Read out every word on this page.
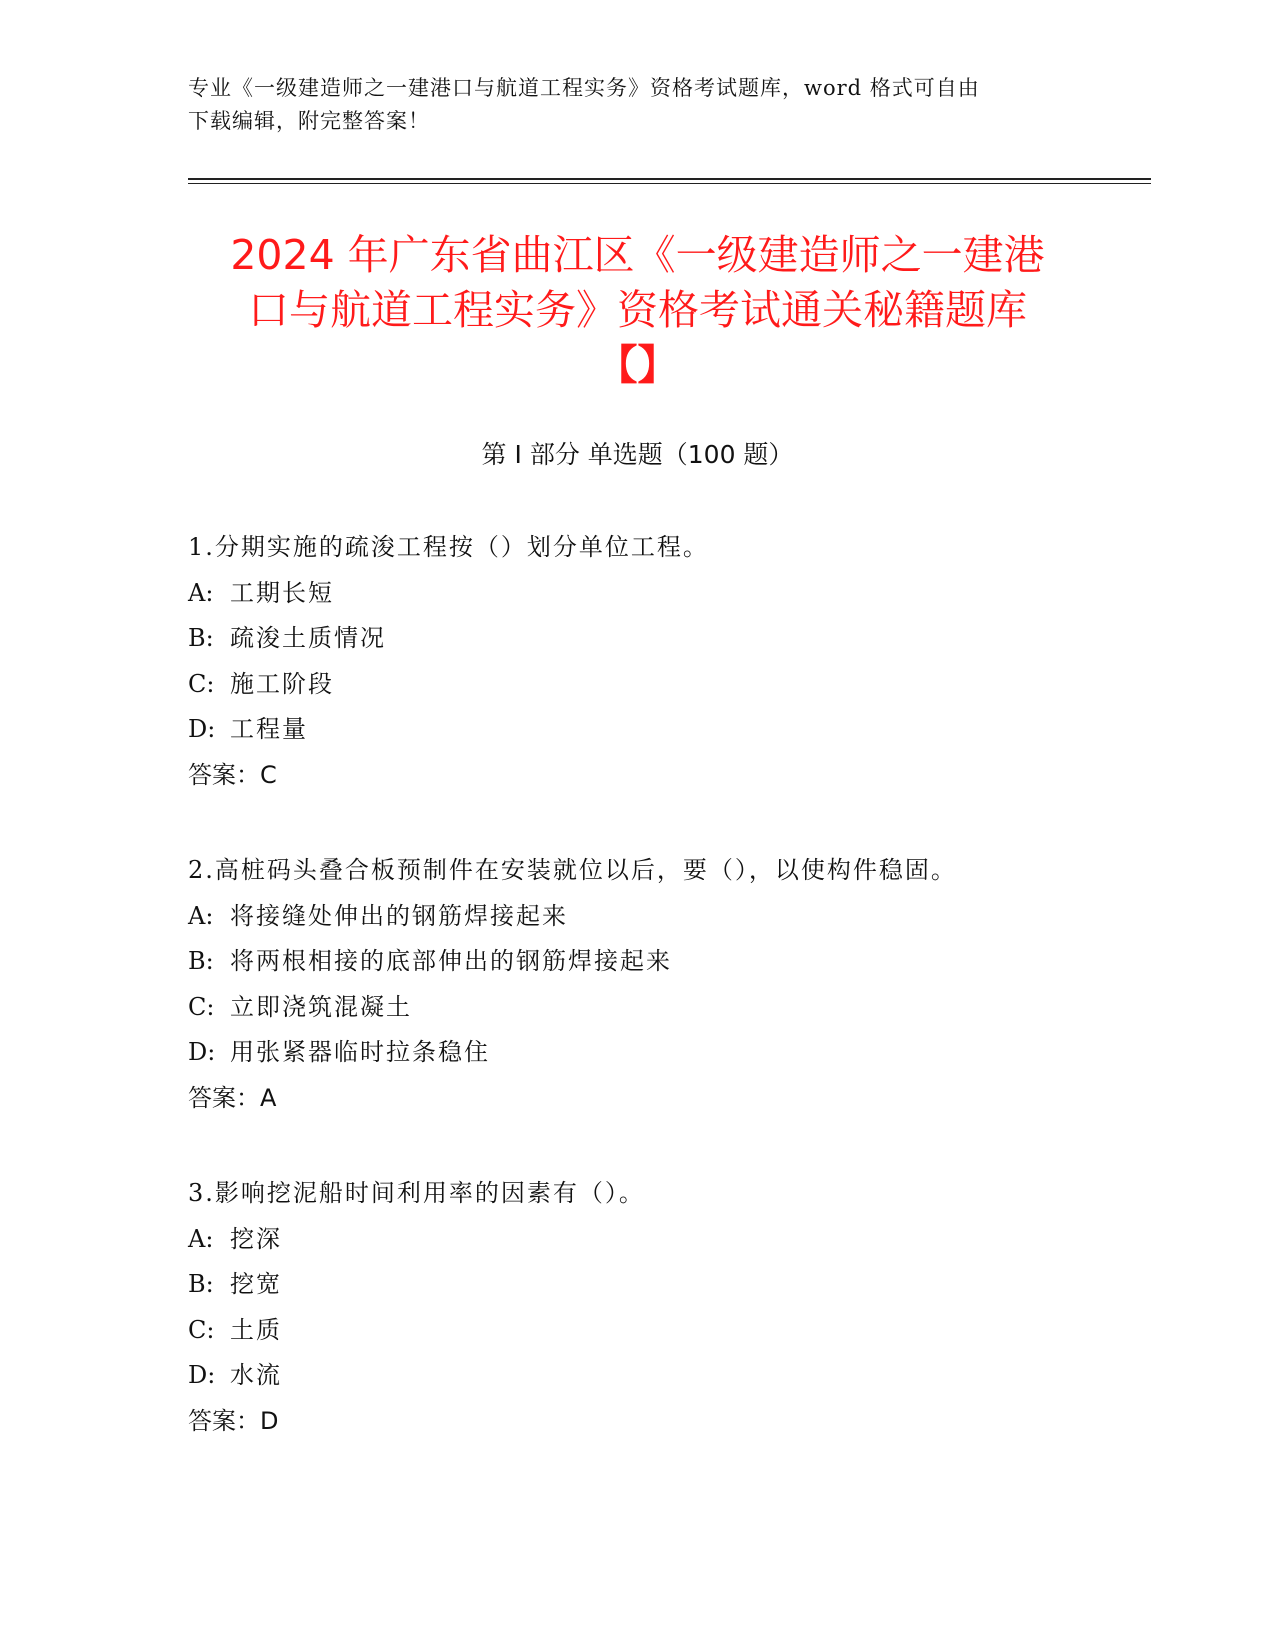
专业《一级建造师之一建港口与航道工程实务》资格考试题库，word 格式可自由
下载编辑，附完整答案！
2024 年广东省曲江区《一级建造师之一建港
口与航道工程实务》资格考试通关秘籍题库
【】
第 I 部分 单选题（100 题）
1.分期实施的疏浚工程按（）划分单位工程。
A: 工期长短
B: 疏浚土质情况
C: 施工阶段
D: 工程量
答案：C
2.高桩码头叠合板预制件在安装就位以后，要（），以使构件稳固。
A: 将接缝处伸出的钢筋焊接起来
B: 将两根相接的底部伸出的钢筋焊接起来
C: 立即浇筑混凝土
D: 用张紧器临时拉条稳住
答案：A
3.影响挖泥船时间利用率的因素有（）。
A: 挖深
B: 挖宽
C: 土质
D: 水流
答案：D
